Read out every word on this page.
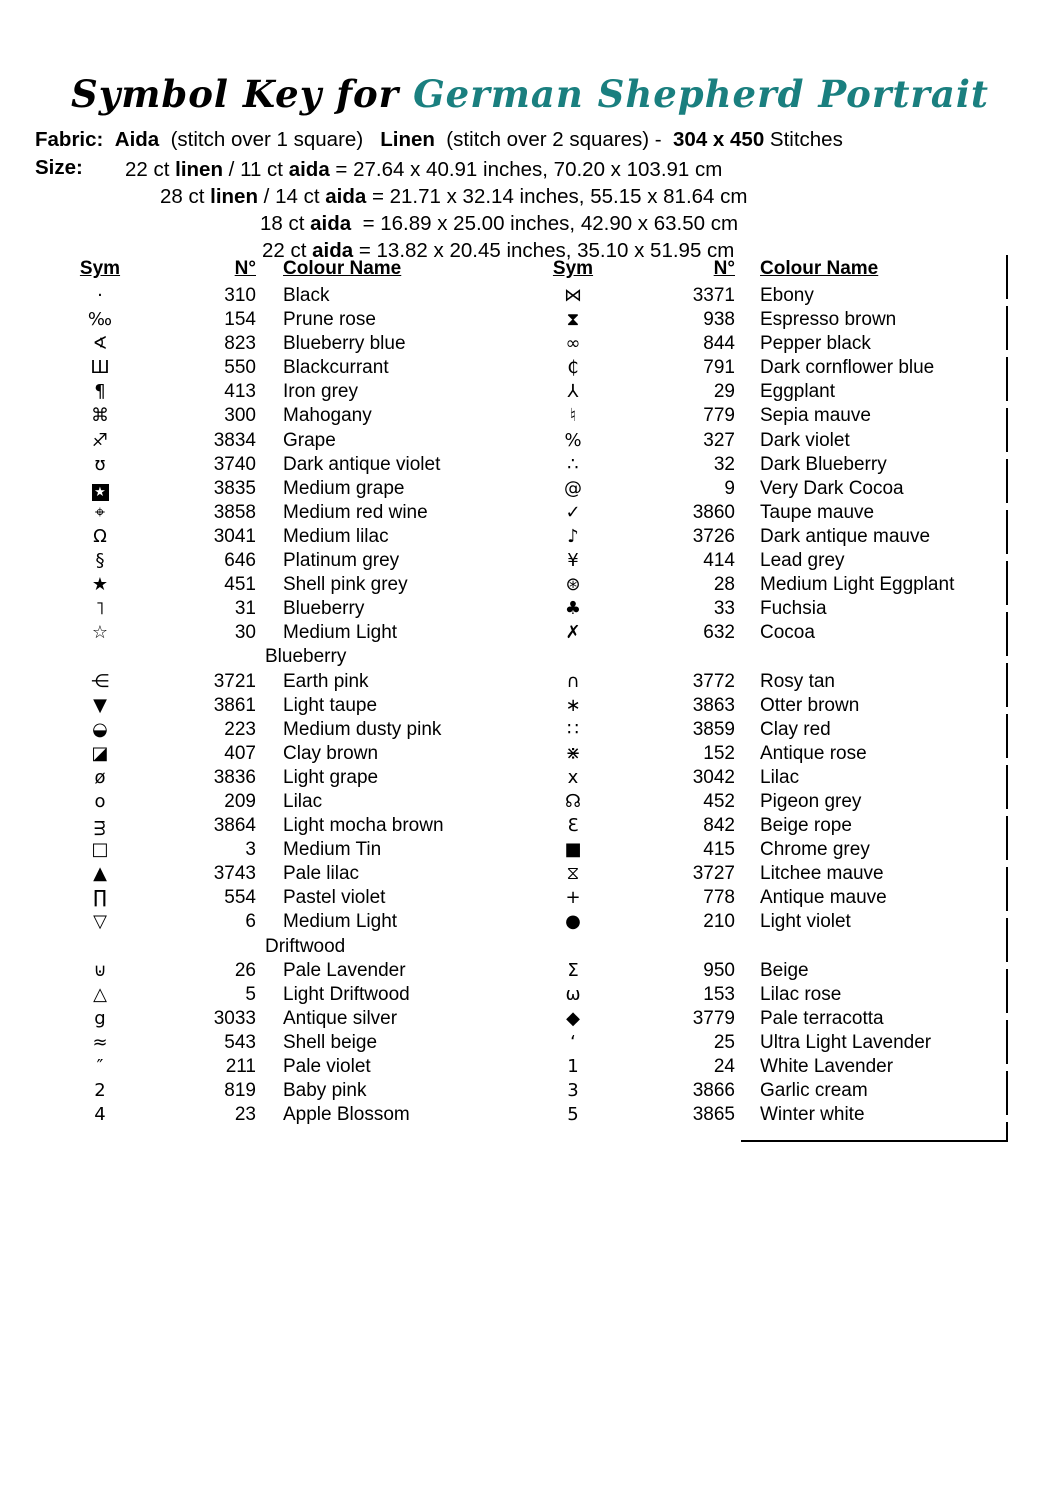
Symbol Key for German Shepherd Portrait
Fabric: Aida  (stitch over 1 square)   Linen  (stitch over 2 squares) -  304 x 450 Stitches
Size: 22 ct linen / 11 ct aida = 27.64 x 40.91 inches, 70.20 x 103.91 cm
28 ct linen / 14 ct aida = 21.71 x 32.14 inches, 55.15 x 81.64 cm
18 ct aida  = 16.89 x 25.00 inches, 42.90 x 63.50 cm
22 ct aida = 13.82 x 20.45 inches, 35.10 x 51.95 cm
Sym	N° Colour Name
·	310 Black
‰	154 Prune rose
∢	823 Blueberry blue
Ш	550 Blackcurrant
¶	413 Iron grey
⌘	300 Mahogany
♐	3834 Grape
ʊ	3740 Dark antique violet
★	3835 Medium grape
⌖	3858 Medium red wine
Ω	3041 Medium lilac
§	646 Platinum grey
★	451 Shell pink grey
˥	31 Blueberry
☆	30 Medium Light
Blueberry
⋲	3721 Earth pink
▼	3861 Light taupe
◒	223 Medium dusty pink
◪	407 Clay brown
ø	3836 Light grape
o	209 Lilac
ᴟ	3864 Light mocha brown
□	3 Medium Tin
▲	3743 Pale lilac
∏	554 Pastel violet
▽	6 Medium Light
Driftwood
⊍	26 Pale Lavender
△	5 Light Driftwood
g	3033 Antique silver
≈	543 Shell beige
″	211 Pale violet
2	819 Baby pink
4	23 Apple Blossom
Sym	N° Colour Name
⋈	3371 Ebony
⧗	938 Espresso brown
∞	844 Pepper black
₵	791 Dark cornflower blue
⅄	29 Eggplant
♮	779 Sepia mauve
%	327 Dark violet
∴	32 Dark Blueberry
@	9 Very Dark Cocoa
✓	3860 Taupe mauve
♪	3726 Dark antique mauve
¥	414 Lead grey
⊛	28 Medium Light Eggplant
♣	33 Fuchsia
✗	632 Cocoa
∩	3772 Rosy tan
∗	3863 Otter brown
∷	3859 Clay red
⋇	152 Antique rose
x	3042 Lilac
☊	452 Pigeon grey
Ɛ	842 Beige rope
■	415 Chrome grey
⧖	3727 Litchee mauve
+	778 Antique mauve
●	210 Light violet
Σ	950 Beige
ω	153 Lilac rose
◆	3779 Pale terracotta
‘	25 Ultra Light Lavender
1	24 White Lavender
3	3866 Garlic cream
5	3865 Winter white
